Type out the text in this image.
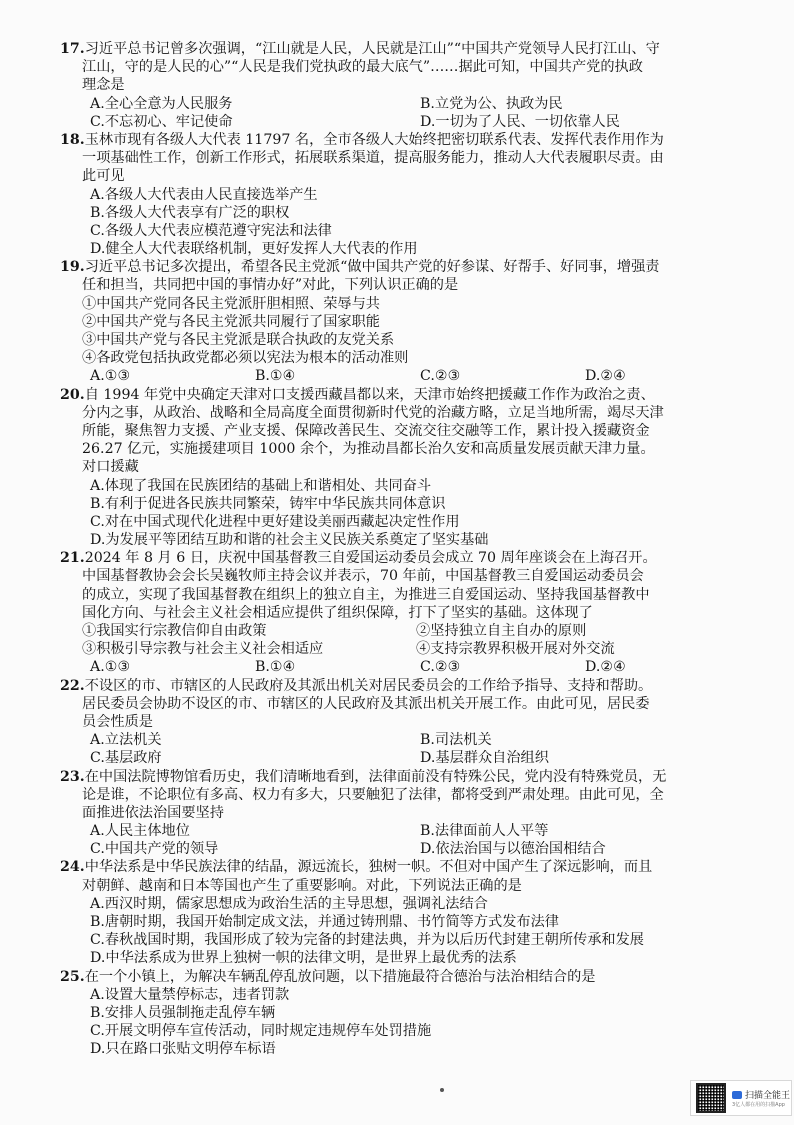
17.习近平总书记曾多次强调，“江山就是人民，人民就是江山”“中国共产党领导人民打江山、守
江山，守的是人民的心”“人民是我们党执政的最大底气”……据此可知，中国共产党的执政
理念是
A.全心全意为人民服务	B.立党为公、执政为民
C.不忘初心、牢记使命	D.一切为了人民、一切依靠人民
18.玉林市现有各级人大代表 11797 名，全市各级人大始终把密切联系代表、发挥代表作用作为
一项基础性工作，创新工作形式，拓展联系渠道，提高服务能力，推动人大代表履职尽责。由
此可见
A.各级人大代表由人民直接选举产生
B.各级人大代表享有广泛的职权
C.各级人大代表应模范遵守宪法和法律
D.健全人大代表联络机制，更好发挥人大代表的作用
19.习近平总书记多次提出，希望各民主党派“做中国共产党的好参谋、好帮手、好同事，增强责
任和担当，共同把中国的事情办好”对此，下列认识正确的是
①中国共产党同各民主党派肝胆相照、荣辱与共
②中国共产党与各民主党派共同履行了国家职能
③中国共产党与各民主党派是联合执政的友党关系
④各政党包括执政党都必须以宪法为根本的活动准则
A.①③	B.①④	C.②③	D.②④
20.自 1994 年党中央确定天津对口支援西藏昌都以来，天津市始终把援藏工作作为政治之责、
分内之事，从政治、战略和全局高度全面贯彻新时代党的治藏方略，立足当地所需，竭尽天津
所能，聚焦智力支援、产业支援、保障改善民生、交流交往交融等工作，累计投入援藏资金
26.27 亿元，实施援建项目 1000 余个，为推动昌都长治久安和高质量发展贡献天津力量。
对口援藏
A.体现了我国在民族团结的基础上和谐相处、共同奋斗
B.有利于促进各民族共同繁荣，铸牢中华民族共同体意识
C.对在中国式现代化进程中更好建设美丽西藏起决定性作用
D.为发展平等团结互助和谐的社会主义民族关系奠定了坚实基础
21.2024 年 8 月 6 日，庆祝中国基督教三自爱国运动委员会成立 70 周年座谈会在上海召开。
中国基督教协会会长吴巍牧师主持会议并表示，70 年前，中国基督教三自爱国运动委员会
的成立，实现了我国基督教在组织上的独立自主，为推进三自爱国运动、坚持我国基督教中
国化方向、与社会主义社会相适应提供了组织保障，打下了坚实的基础。这体现了
①我国实行宗教信仰自由政策	②坚持独立自主自办的原则
③积极引导宗教与社会主义社会相适应	④支持宗教界积极开展对外交流
A.①③	B.①④	C.②③	D.②④
22.不设区的市、市辖区的人民政府及其派出机关对居民委员会的工作给予指导、支持和帮助。
居民委员会协助不设区的市、市辖区的人民政府及其派出机关开展工作。由此可见，居民委
员会性质是
A.立法机关	B.司法机关
C.基层政府	D.基层群众自治组织
23.在中国法院博物馆看历史，我们清晰地看到，法律面前没有特殊公民，党内没有特殊党员，无
论是谁，不论职位有多高、权力有多大，只要触犯了法律，都将受到严肃处理。由此可见，全
面推进依法治国要坚持
A.人民主体地位	B.法律面前人人平等
C.中国共产党的领导	D.依法治国与以德治国相结合
24.中华法系是中华民族法律的结晶，源远流长，独树一帜。不但对中国产生了深远影响，而且
对朝鲜、越南和日本等国也产生了重要影响。对此，下列说法正确的是
A.西汉时期，儒家思想成为政治生活的主导思想，强调礼法结合
B.唐朝时期，我国开始制定成文法，并通过铸刑鼎、书竹简等方式发布法律
C.春秋战国时期，我国形成了较为完备的封建法典，并为以后历代封建王朝所传承和发展
D.中华法系成为世界上独树一帜的法律文明，是世界上最优秀的法系
25.在一个小镇上，为解决车辆乱停乱放问题，以下措施最符合德治与法治相结合的是
A.设置大量禁停标志，违者罚款
B.安排人员强制拖走乱停车辆
C.开展文明停车宣传活动，同时规定违规停车处罚措施
D.只在路口张贴文明停车标语
扫描全能王
3亿人都在用的扫描App
